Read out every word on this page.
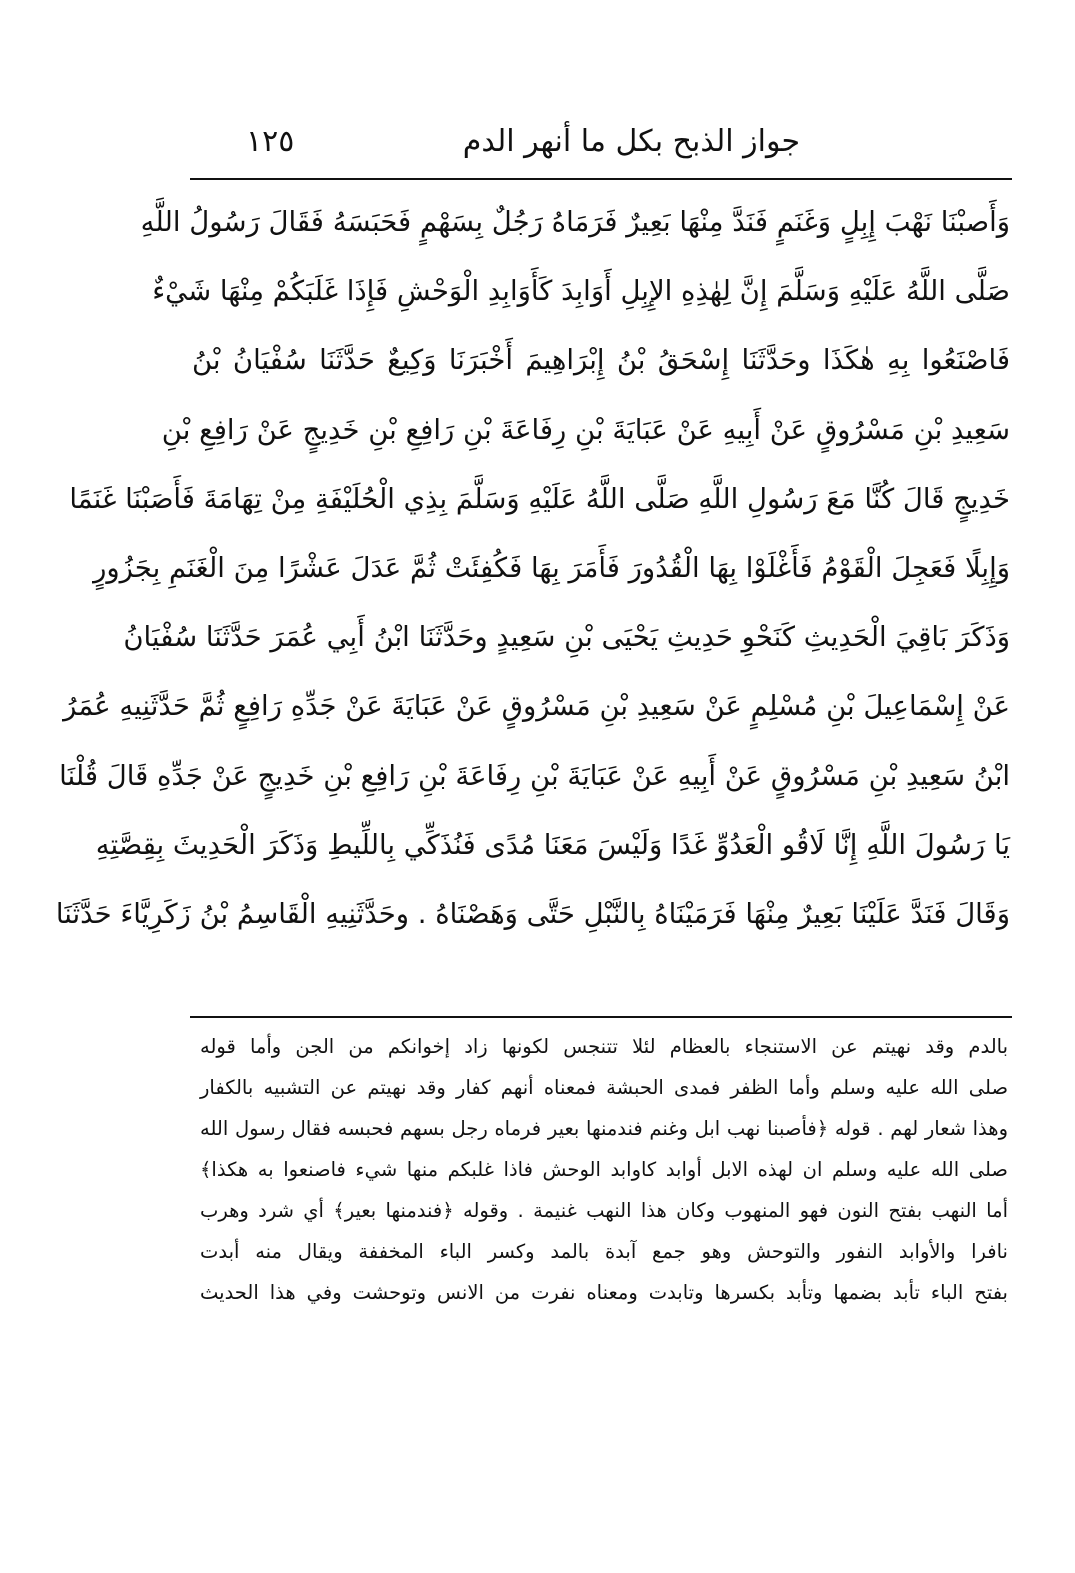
جواز الذبح بكل ما أنهر الدم
١٢٥
وَأَصبْنَا نَهْبَ إِبِلٍ وَغَنَمٍ فَنَدَّ مِنْهَا بَعِيرٌ فَرَمَاهُ رَجُلٌ بِسَهْمٍ فَحَبَسَهُ فَقَالَ رَسُولُ اللَّهِ
صَلَّى اللَّهُ عَلَيْهِ وَسَلَّمَ إِنَّ لِهٰذِهِ الإِبِلِ أَوَابِدَ كَأَوَابِدِ الْوَحْشِ فَإِذَا غَلَبَكُمْ مِنْهَا شَيْءٌ
فَاصْنَعُوا بِهِ هٰكَذَا وحَدَّثَنَا إِسْحَقُ بْنُ إِبْرَاهِيمَ أَخْبَرَنَا وَكِيعٌ حَدَّثَنَا سُفْيَانُ بْنُ
سَعِيدِ بْنِ مَسْرُوقٍ عَنْ أَبِيهِ عَنْ عَبَايَةَ بْنِ رِفَاعَةَ بْنِ رَافِعِ بْنِ خَدِيجٍ عَنْ رَافِعِ بْنِ
خَدِيجٍ قَالَ كُنَّا مَعَ رَسُولِ اللَّهِ صَلَّى اللَّهُ عَلَيْهِ وَسَلَّمَ بِذِي الْحُلَيْفَةِ مِنْ تِهَامَةَ فَأَصَبْنَا غَنَمًا
وَإِبِلًا فَعَجِلَ الْقَوْمُ فَأَغْلَوْا بِهَا الْقُدُورَ فَأَمَرَ بِهَا فَكُفِئَتْ ثُمَّ عَدَلَ عَشْرًا مِنَ الْغَنَمِ بِجَزُورٍ
وَذَكَرَ بَاقِيَ الْحَدِيثِ كَنَحْوِ حَدِيثِ يَحْيَى بْنِ سَعِيدٍ وحَدَّثَنَا ابْنُ أَبِي عُمَرَ حَدَّثَنَا سُفْيَانُ
عَنْ إِسْمَاعِيلَ بْنِ مُسْلِمٍ عَنْ سَعِيدِ بْنِ مَسْرُوقٍ عَنْ عَبَايَةَ عَنْ جَدِّهِ رَافِعٍ ثُمَّ حَدَّثَنِيهِ عُمَرُ
ابْنُ سَعِيدِ بْنِ مَسْرُوقٍ عَنْ أَبِيهِ عَنْ عَبَايَةَ بْنِ رِفَاعَةَ بْنِ رَافِعِ بْنِ خَدِيجٍ عَنْ جَدِّهِ قَالَ قُلْنَا
يَا رَسُولَ اللَّهِ إِنَّا لَاقُو الْعَدُوِّ غَدًا وَلَيْسَ مَعَنَا مُدًى فَنُذَكِّي بِاللِّيطِ وَذَكَرَ الْحَدِيثَ بِقِصَّتِهِ
وَقَالَ فَنَدَّ عَلَيْنَا بَعِيرٌ مِنْهَا فَرَمَيْنَاهُ بِالنَّبْلِ حَتَّى وَهَصْنَاهُ . وحَدَّثَنِيهِ الْقَاسِمُ بْنُ زَكَرِيَّاءَ حَدَّثَنَا
بالدم وقد نهيتم عن الاستنجاء بالعظام لئلا تتنجس لكونها زاد إخوانكم من الجن وأما قوله
صلى الله عليه وسلم وأما الظفر فمدى الحبشة فمعناه أنهم كفار وقد نهيتم عن التشبيه بالكفار
وهذا شعار لهم . قوله ﴿فأصبنا نهب ابل وغنم فندمنها بعير فرماه رجل بسهم فحبسه فقال رسول الله
صلى الله عليه وسلم ان لهذه الابل أوابد كاوابد الوحش فاذا غلبكم منها شيء فاصنعوا به هكذا﴾
أما النهب بفتح النون فهو المنهوب وكان هذا النهب غنيمة . وقوله ﴿فندمنها بعير﴾ أي شرد وهرب
نافرا والأوابد النفور والتوحش وهو جمع آبدة بالمد وكسر الباء المخففة ويقال منه أبدت
بفتح الباء تأبد بضمها وتأبد بكسرها وتابدت ومعناه نفرت من الانس وتوحشت وفي هذا الحديث
